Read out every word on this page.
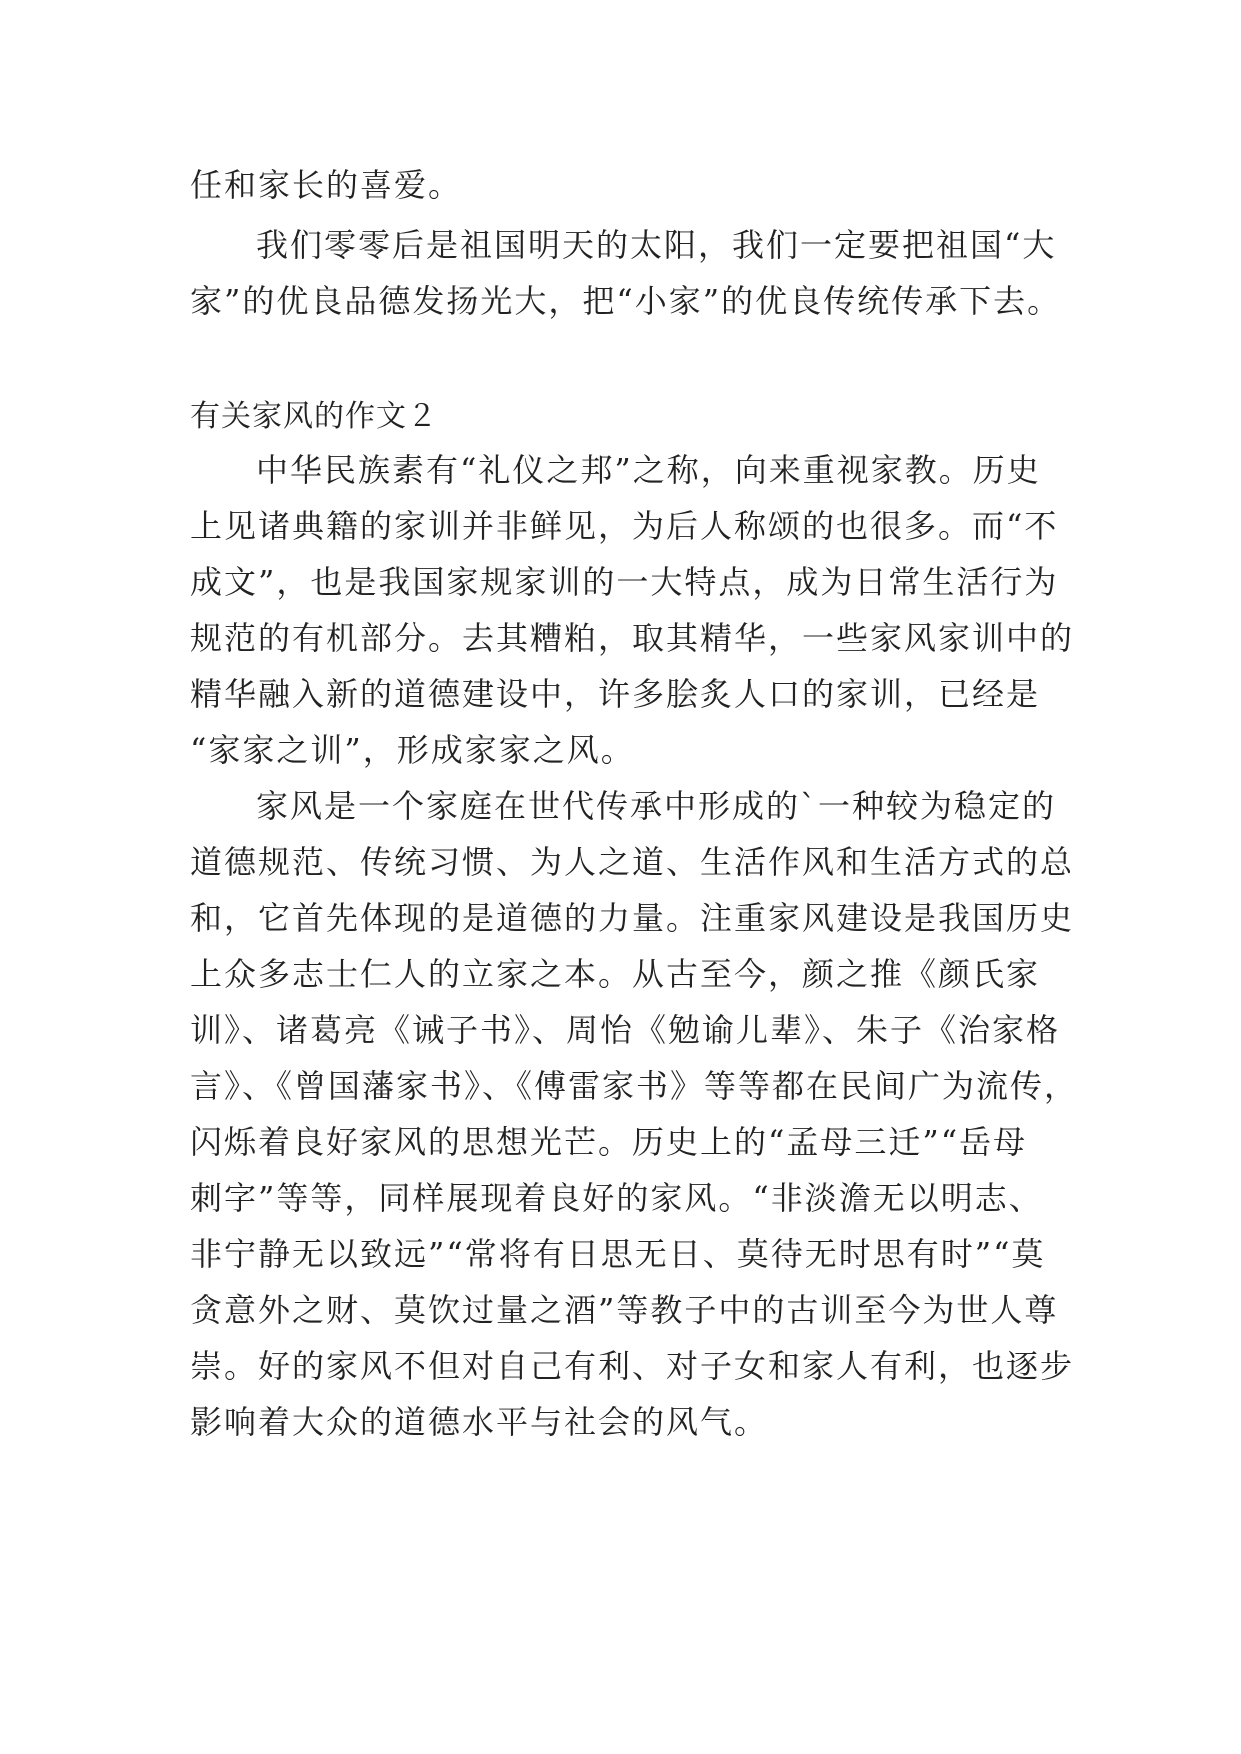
任和家长的喜爱。
我们零零后是祖国明天的太阳，我们一定要把祖国“大
家”的优良品德发扬光大，把“小家”的优良传统传承下去。
有关家风的作文２
中华民族素有“礼仪之邦”之称，向来重视家教。历史
上见诸典籍的家训并非鲜见，为后人称颂的也很多。而“不
成文”，也是我国家规家训的一大特点，成为日常生活行为
规范的有机部分。去其糟粕，取其精华，一些家风家训中的
精华融入新的道德建设中，许多脍炙人口的家训，已经是
“家家之训”，形成家家之风。
家风是一个家庭在世代传承中形成的`一种较为稳定的
道德规范、传统习惯、为人之道、生活作风和生活方式的总
和，它首先体现的是道德的力量。注重家风建设是我国历史
上众多志士仁人的立家之本。从古至今，颜之推《颜氏家
训》、诸葛亮《诫子书》、周怡《勉谕儿辈》、朱子《治家格
言》、《曾国藩家书》、《傅雷家书》等等都在民间广为流传，
闪烁着良好家风的思想光芒。历史上的“孟母三迁”“岳母
刺字”等等，同样展现着良好的家风。“非淡澹无以明志、
非宁静无以致远”“常将有日思无日、莫待无时思有时”“莫
贪意外之财、莫饮过量之酒”等教子中的古训至今为世人尊
崇。好的家风不但对自己有利、对子女和家人有利，也逐步
影响着大众的道德水平与社会的风气。
